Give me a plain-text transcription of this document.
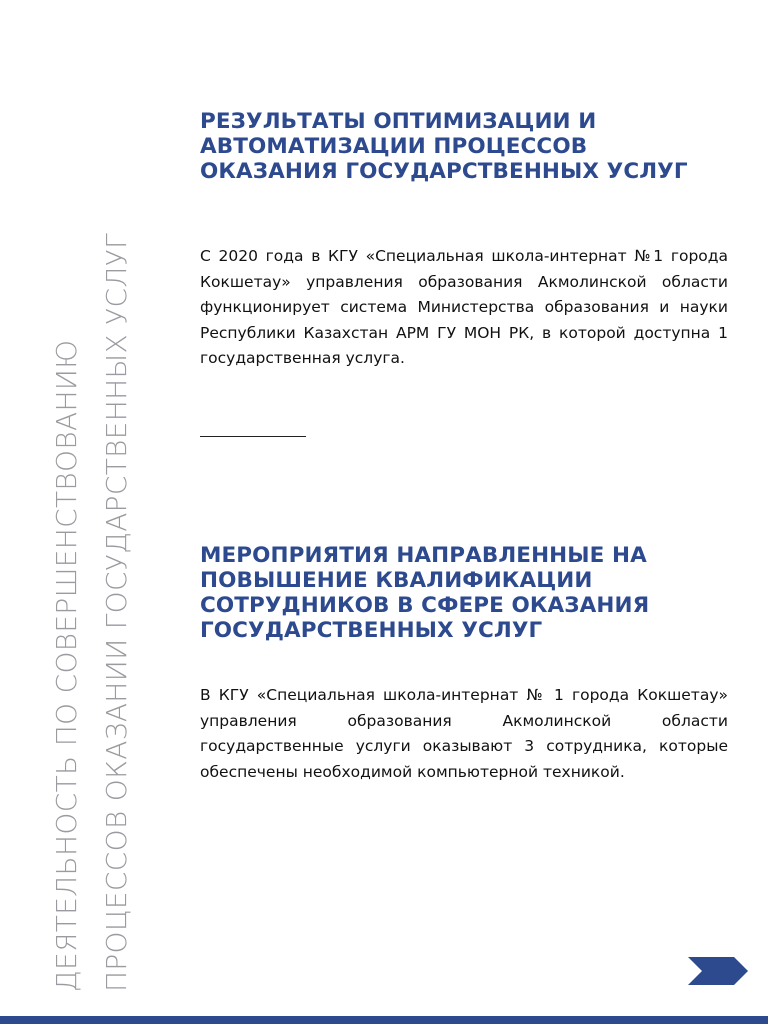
ДЕЯТЕЛЬНОСТЬ ПО СОВЕРШЕНСТВОВАНИЮ ПРОЦЕССОВ ОКАЗАНИИ ГОСУДАРСТВЕННЫХ УСЛУГ
РЕЗУЛЬТАТЫ ОПТИМИЗАЦИИ И
АВТОМАТИЗАЦИИ ПРОЦЕССОВ
ОКАЗАНИЯ ГОСУДАРСТВЕННЫХ УСЛУГ

С 2020 года в КГУ «Специальная школа-интернат №1 города Кокшетау» управления образования Акмолинской области функционирует система Министерства образования и науки Республики Казахстан АРМ ГУ МОН РК, в которой доступна 1 государственная услуга.

МЕРОПРИЯТИЯ НАПРАВЛЕННЫЕ НА
ПОВЫШЕНИЕ КВАЛИФИКАЦИИ
СОТРУДНИКОВ В СФЕРЕ ОКАЗАНИЯ
ГОСУДАРСТВЕННЫХ УСЛУГ

В КГУ «Специальная школа-интернат № 1 города Кокшетау» управления образования Акмолинской области государственные услуги оказывают 3 сотрудника, которые обеспечены необходимой компьютерной техникой.
